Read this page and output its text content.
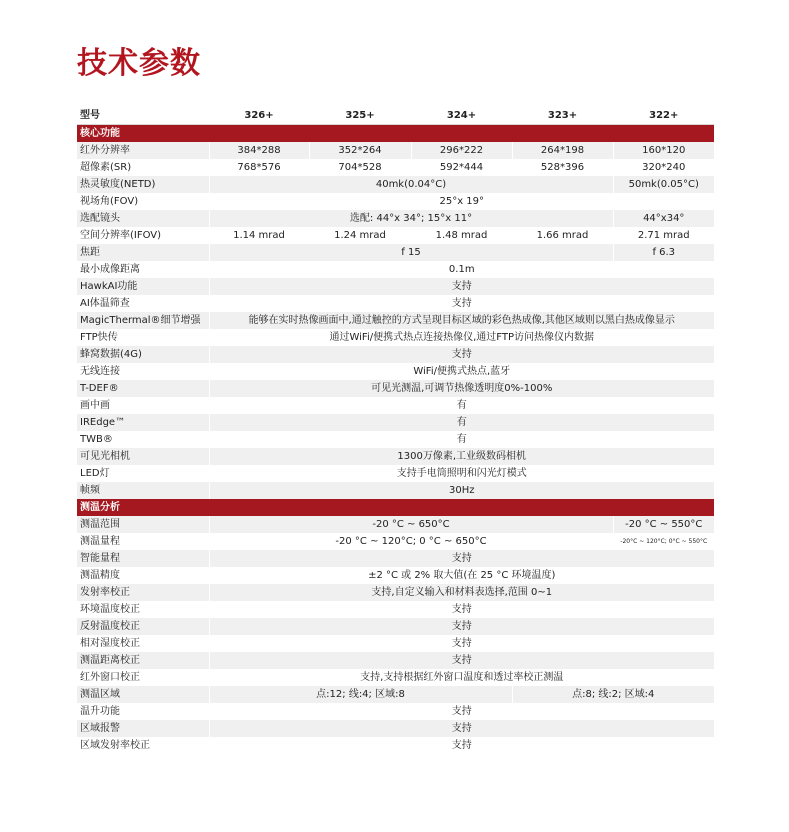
技术参数
型号	326+	325+	324+	323+	322+
核心功能					
红外分辨率	384*288	352*264	296*222	264*198	160*120
超像素(SR)	768*576	704*528	592*444	528*396	320*240
热灵敏度(NETD)	40mk(0.04°C)				50mk(0.05°C)
视场角(FOV)	25°x 19°				
选配镜头	选配: 44°x 34°; 15°x 11°				44°x34°
空间分辨率(IFOV)	1.14 mrad	1.24 mrad	1.48 mrad	1.66 mrad	2.71 mrad
焦距	f 15				f 6.3
最小成像距离	0.1m				
HawkAI功能	支持				
AI体温筛查	支持				
MagicThermal®细节增强	能够在实时热像画面中,通过触控的方式呈现目标区域的彩色热成像,其他区域则以黑白热成像显示				
FTP快传	通过WiFi/便携式热点连接热像仪,通过FTP访问热像仪内数据				
蜂窝数据(4G)	支持				
无线连接	WiFi/便携式热点,蓝牙				
T-DEF®	可见光测温,可调节热像透明度0%-100%				
画中画	有				
IREdge™	有				
TWB®	有				
可见光相机	1300万像素,工业级数码相机				
LED灯	支持手电筒照明和闪光灯模式				
帧频	30Hz				
测温分析					
测温范围	-20 °C ~ 650°C				-20 °C ~ 550°C
测温量程	-20 °C ~ 120°C; 0 °C ~ 650°C				-20°C ~ 120°C; 0°C ~ 550°C
智能量程	支持				
测温精度	±2 °C 或 2% 取大值(在 25 °C 环境温度)				
发射率校正	支持,自定义输入和材料表选择,范围 0~1				
环境温度校正	支持				
反射温度校正	支持				
相对湿度校正	支持				
测温距离校正	支持				
红外窗口校正	支持,支持根据红外窗口温度和透过率校正测温				
测温区域	点:12; 线:4; 区域:8			点:8; 线:2; 区域:4	
温升功能	支持				
区域报警	支持				
区域发射率校正	支持				
